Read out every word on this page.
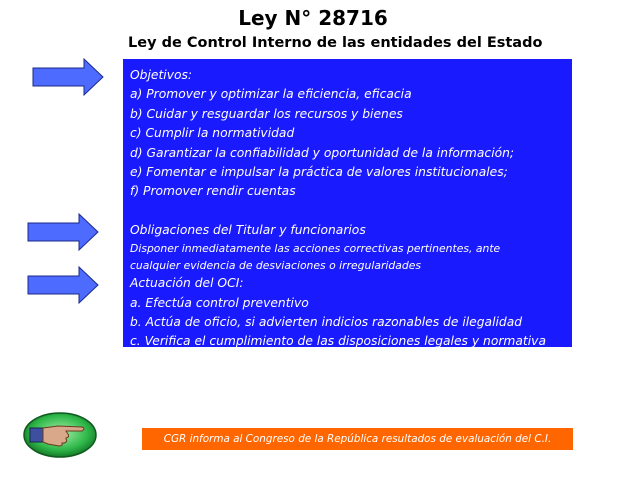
Ley N° 28716
Ley de Control Interno de las entidades del Estado
Objetivos:
a) Promover y optimizar la eficiencia, eficacia
b) Cuidar y resguardar los recursos y bienes
c) Cumplir la normatividad
d) Garantizar la confiabilidad y oportunidad de la información;
e) Fomentar e impulsar la práctica de valores institucionales;
f) Promover rendir cuentas
Obligaciones del Titular y funcionarios
Disponer inmediatamente las acciones correctivas pertinentes, ante
cualquier evidencia de desviaciones o irregularidades
Actuación del OCI:
a. Efectúa control preventivo
b. Actúa de oficio, si advierten indicios razonables de ilegalidad
c. Verifica el cumplimiento de las disposiciones legales y normativa
CGR informa al Congreso de la República resultados de evaluación del C.I.
